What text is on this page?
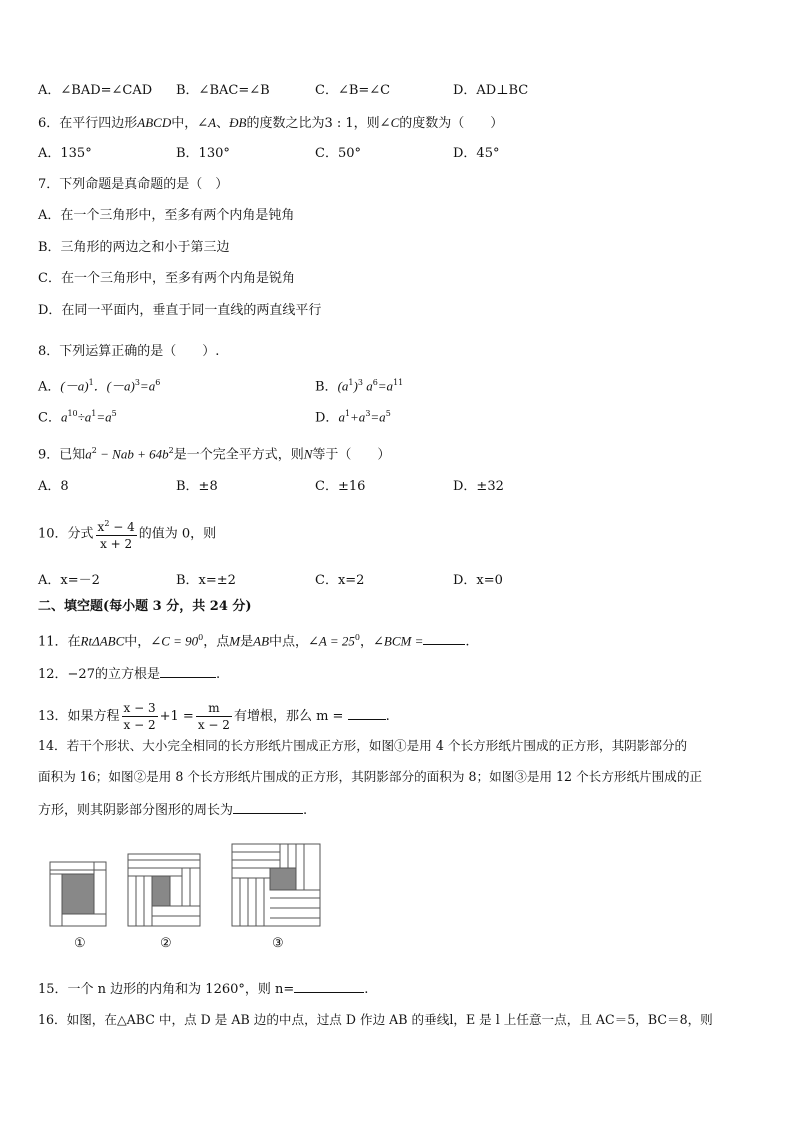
A．∠BAD=∠CAD B．∠BAC=∠B	C．∠B=∠C	D．AD⊥BC
6．在平行四边形ABCD中，∠A、ÐB的度数之比为3 : 1，则∠C的度数为（　　）
A．135°	B．130°	C．50°	D．45°
7．下列命题是真命题的是（　）
A．在一个三角形中，至多有两个内角是钝角
B．三角形的两边之和小于第三边
C．在一个三角形中，至多有两个内角是锐角
D．在同一平面内，垂直于同一直线的两直线平行
8．下列运算正确的是（　　）.
A．$(-a)^1$．$(-a)^3=a^6$	B．$(a^1)^3$ $a^6=a^{11}$
C．$a^{10}\div a^1=a^5$	D．$a^1+a^3=a^5$
9．已知$a^2$ − Nab + $64b^2$是一个完全平方式，则N等于（　　）
A．8	B．±8	C．±16	D．±32
10．分式 $\frac{x^2 - 4}{x + 2}$ 的值为 0，则
A．x=－2	B．x=±2	C．x=2	D．x=0
二、填空题(每小题 3 分，共 24 分)
11．在RtΔABC中，∠C = $90^0$，点M是AB中点，∠A = $25^0$，∠BCM =	.
12．−27的立方根是	.
13．如果方程 $\frac{x - 3}{x - 2} +1 = \frac{m}{x - 2}$ 有增根，那么 m =	.
14．若干个形状、大小完全相同的长方形纸片围成正方形，如图①是用 4 个长方形纸片围成的正方形，其阴影部分的
面积为 16；如图②是用 8 个长方形纸片围成的正方形，其阴影部分的面积为 8；如图③是用 12 个长方形纸片围成的正
方形，则其阴影部分图形的周长为	.
①	②	③
15．一个 n 边形的内角和为 1260°，则 n=	.
16．如图，在△ABC 中，点 D 是 AB 边的中点，过点 D 作边 AB 的垂线l，E 是 l 上任意一点，且 AC＝5，BC＝8，则
